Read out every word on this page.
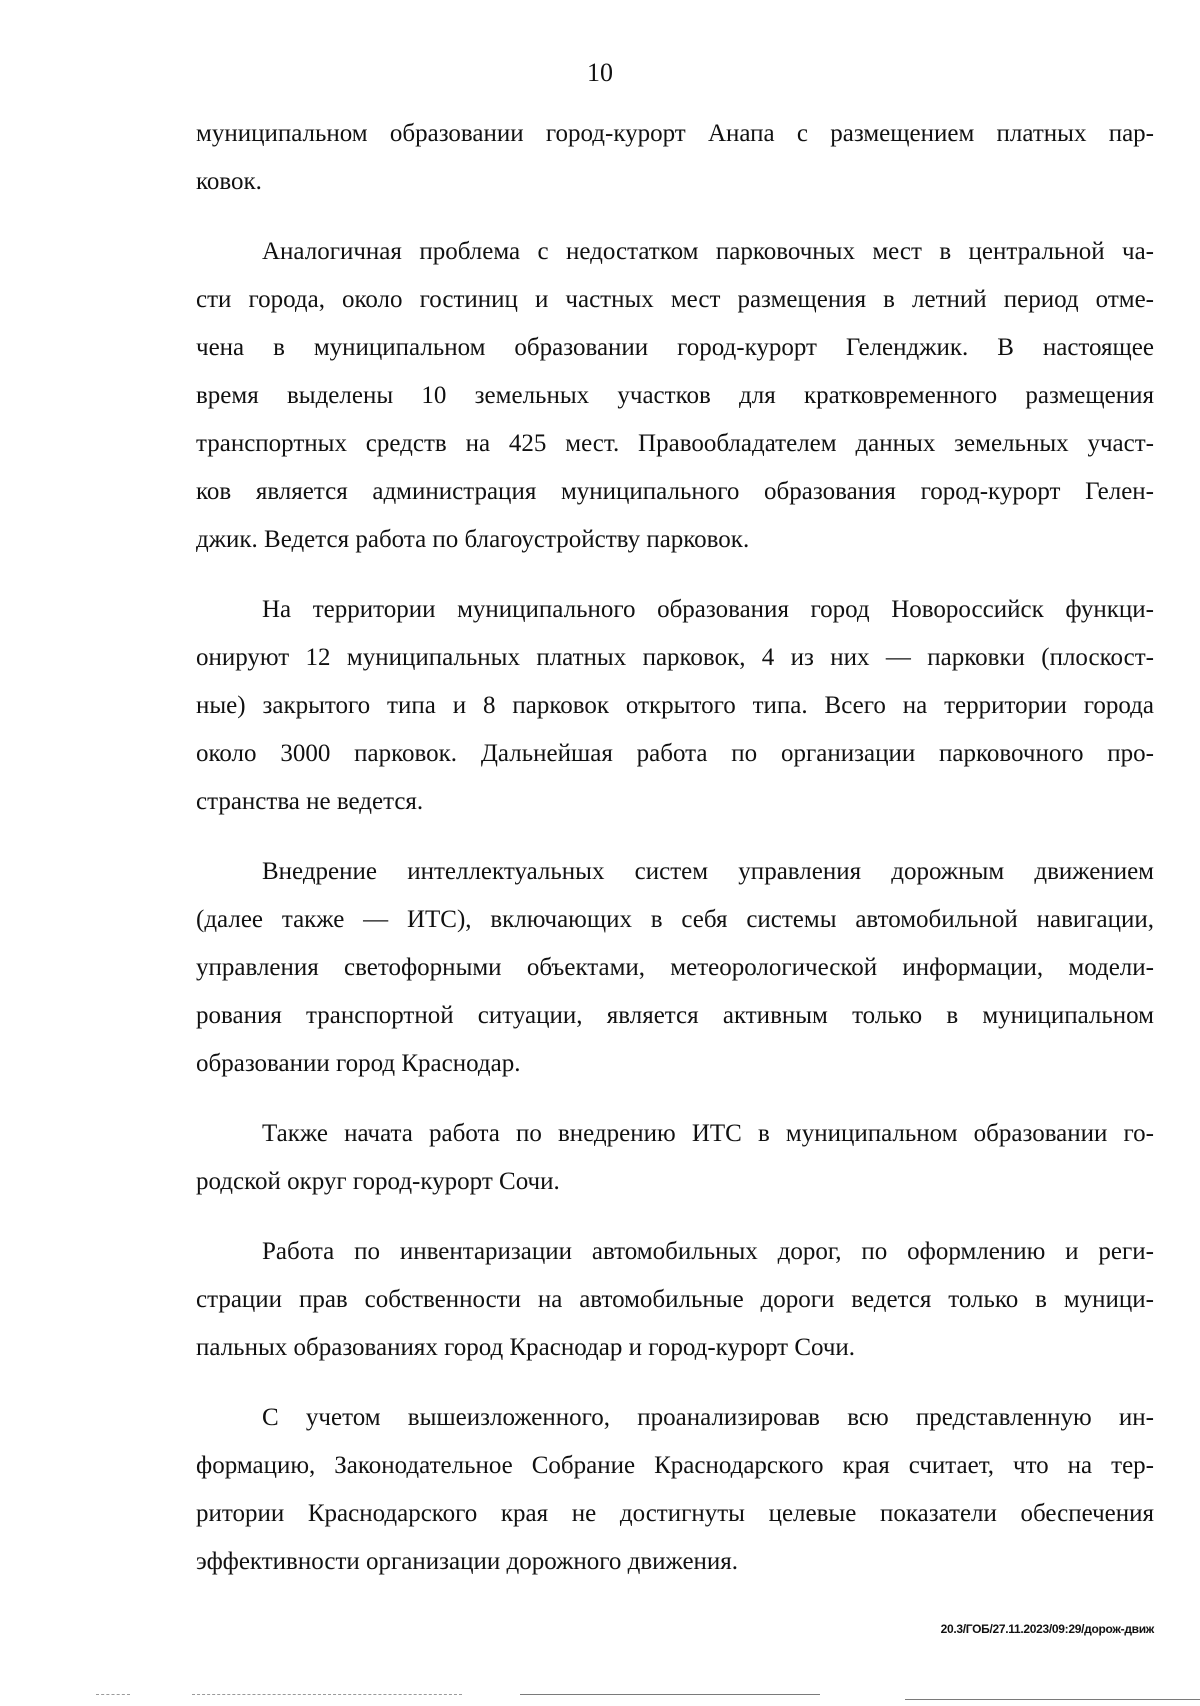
10
муниципальном образовании город-курорт Анапа с размещением платных пар-
ковок.
Аналогичная проблема с недостатком парковочных мест в центральной ча-
сти города, около гостиниц и частных мест размещения в летний период отме-
чена в муниципальном образовании город-курорт Геленджик. В настоящее
время выделены 10 земельных участков для кратковременного размещения
транспортных средств на 425 мест. Правообладателем данных земельных участ-
ков является администрация муниципального образования город-курорт Гелен-
джик. Ведется работа по благоустройству парковок.
На территории муниципального образования город Новороссийск функци-
онируют 12 муниципальных платных парковок, 4 из них — парковки (плоскост-
ные) закрытого типа и 8 парковок открытого типа. Всего на территории города
около 3000 парковок. Дальнейшая работа по организации парковочного про-
странства не ведется.
Внедрение интеллектуальных систем управления дорожным движением
(далее также — ИТС), включающих в себя системы автомобильной навигации,
управления светофорными объектами, метеорологической информации, модели-
рования транспортной ситуации, является активным только в муниципальном
образовании город Краснодар.
Также начата работа по внедрению ИТС в муниципальном образовании го-
родской округ город-курорт Сочи.
Работа по инвентаризации автомобильных дорог, по оформлению и реги-
страции прав собственности на автомобильные дороги ведется только в муници-
пальных образованиях город Краснодар и город-курорт Сочи.
С учетом вышеизложенного, проанализировав всю представленную ин-
формацию, Законодательное Собрание Краснодарского края считает, что на тер-
ритории Краснодарского края не достигнуты целевые показатели обеспечения
эффективности организации дорожного движения.
20.3/ГОБ/27.11.2023/09:29/дорож-движ
